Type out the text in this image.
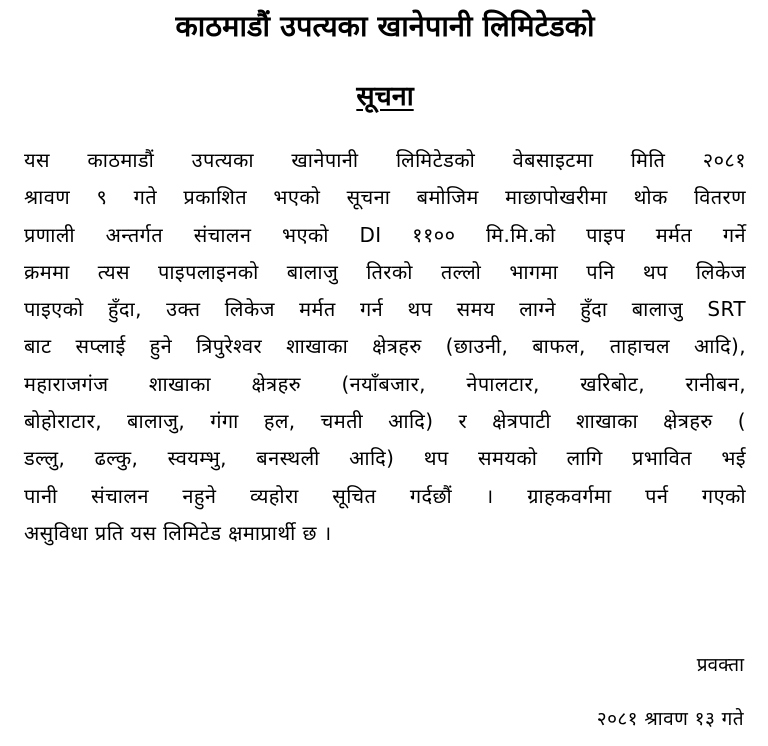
काठमाडौं उपत्यका खानेपानी लिमिटेडको
सूचना
यस काठमाडौं उपत्यका खानेपानी लिमिटेडको वेबसाइटमा मिति २०८१
श्रावण ९ गते प्रकाशित भएको सूचना बमोजिम माछापोखरीमा थोक वितरण
प्रणाली अन्तर्गत संचालन भएको DI ११०० मि.मि.को पाइप मर्मत गर्ने
क्रममा त्यस पाइपलाइनको बालाजु तिरको तल्लो भागमा पनि थप लिकेज
पाइएको हुँदा, उक्त लिकेज मर्मत गर्न थप समय लाग्ने हुँदा बालाजु SRT
बाट सप्लाई हुने त्रिपुरेश्वर शाखाका क्षेत्रहरु (छाउनी, बाफल, ताहाचल आदि),
महाराजगंज शाखाका क्षेत्रहरु (नयाँबजार, नेपालटार, खरिबोट, रानीबन,
बोहोराटार, बालाजु, गंगा हल, चमती आदि) र क्षेत्रपाटी शाखाका क्षेत्रहरु (
डल्लु, ढल्कु, स्वयम्भु, बनस्थली आदि) थप समयको लागि प्रभावित भई
पानी संचालन नहुने व्यहोरा सूचित गर्दछौं । ग्राहकवर्गमा पर्न गएको
असुविधा प्रति यस लिमिटेड क्षमाप्रार्थी छ ।

प्रवक्ता

२०८१ श्रावण १३ गते
